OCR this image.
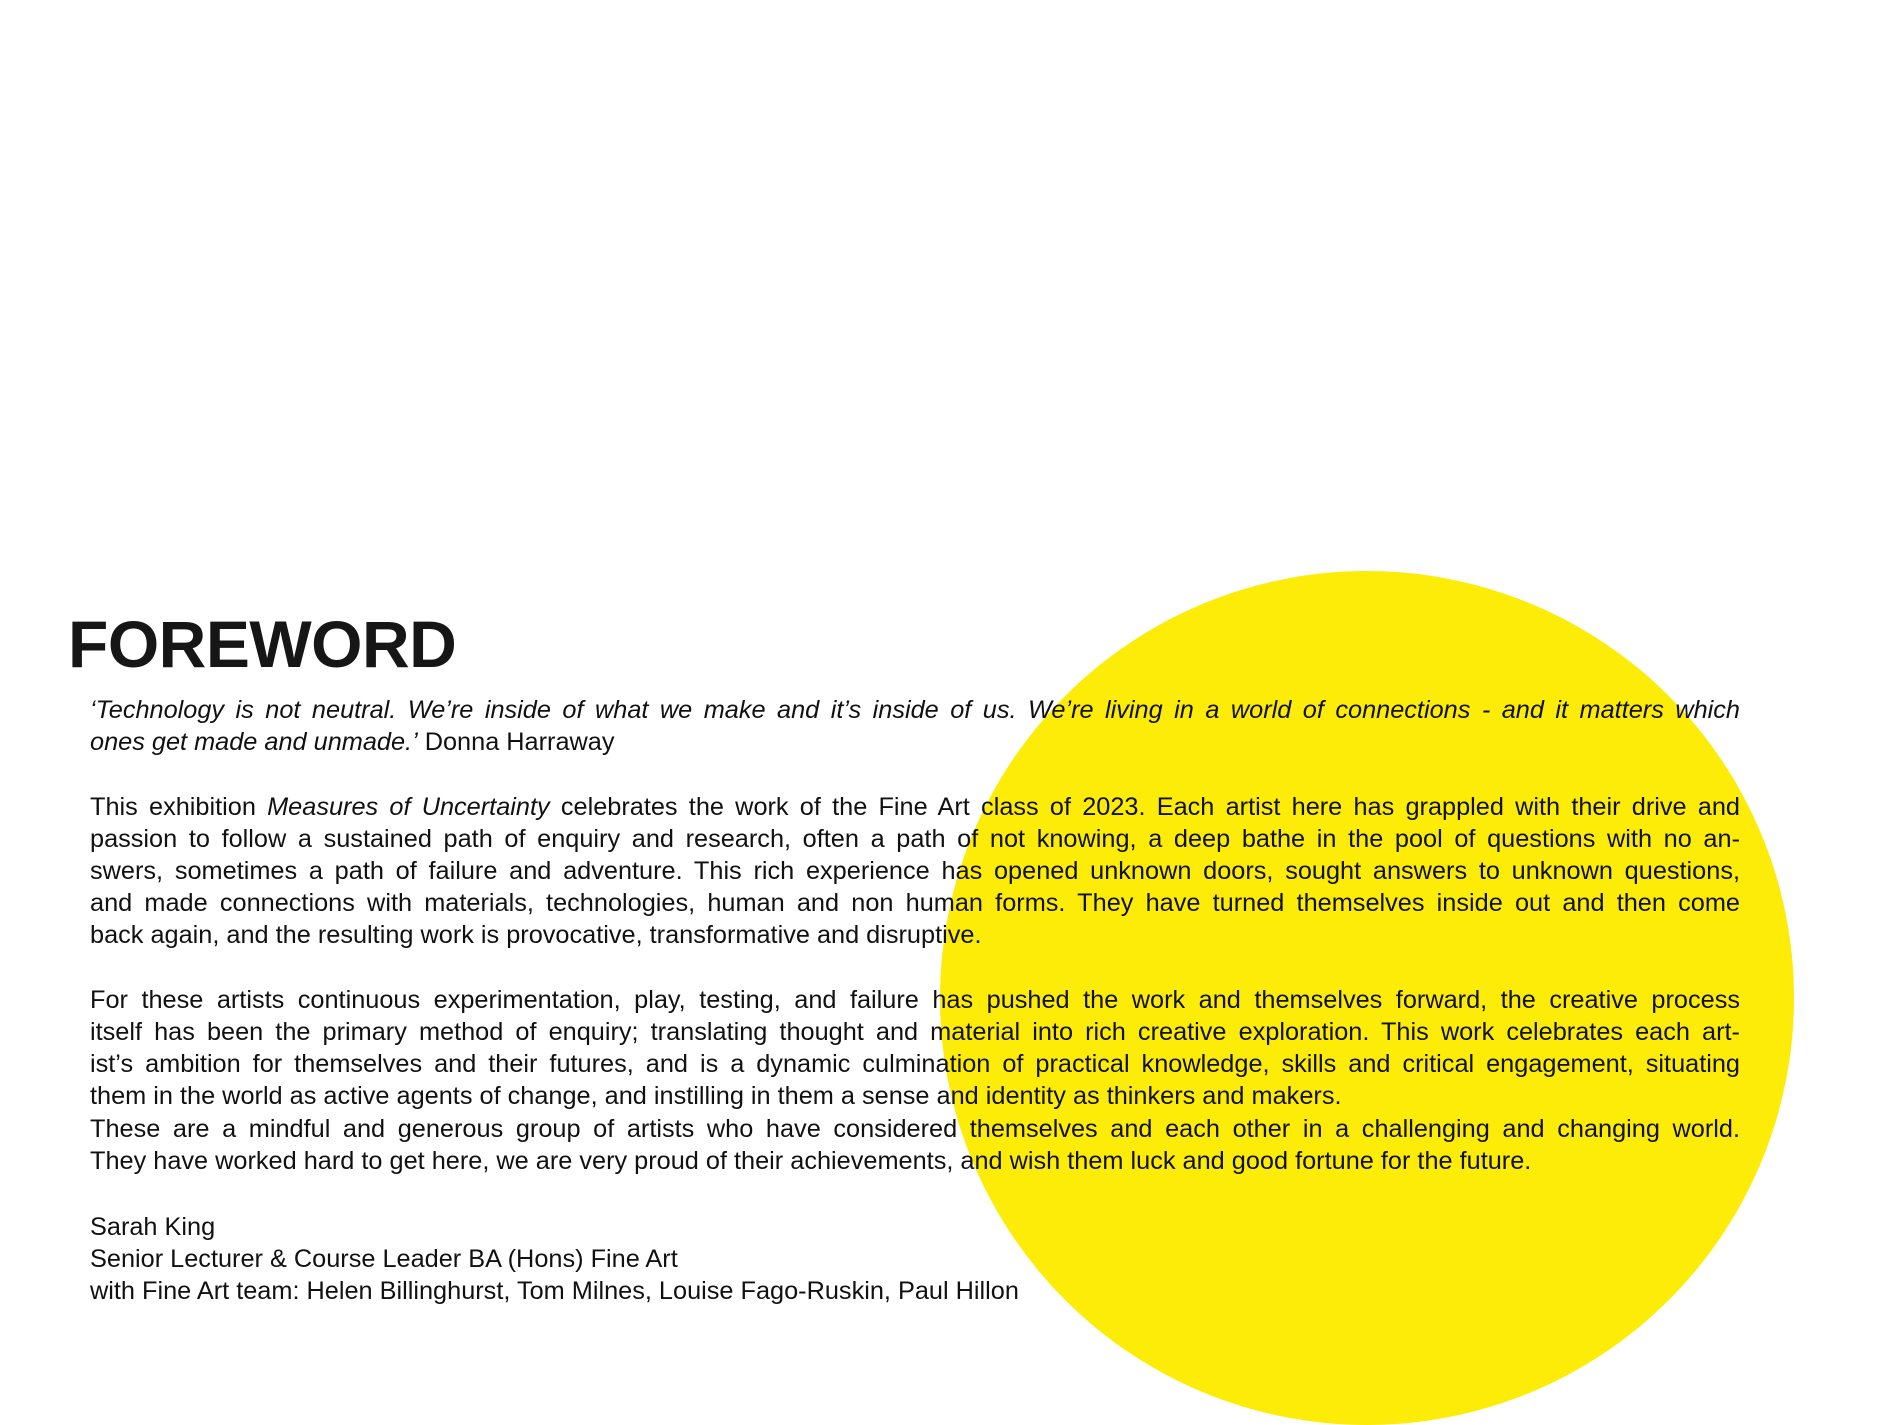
FOREWORD

‘Technology is not neutral. We’re inside of what we make and it’s inside of us. We’re living in a world of connections - and it matters which
ones get made and unmade.’ Donna Harraway

This exhibition Measures of Uncertainty celebrates the work of the Fine Art class of 2023. Each artist here has grappled with their drive and
passion to follow a sustained path of enquiry and research, often a path of not knowing, a deep bathe in the pool of questions with no an-
swers, sometimes a path of failure and adventure. This rich experience has opened unknown doors, sought answers to unknown questions,
and made connections with materials, technologies, human and non human forms. They have turned themselves inside out and then come
back again, and the resulting work is provocative, transformative and disruptive.

For these artists continuous experimentation, play, testing, and failure has pushed the work and themselves forward, the creative process
itself has been the primary method of enquiry; translating thought and material into rich creative exploration. This work celebrates each art-
ist’s ambition for themselves and their futures, and is a dynamic culmination of practical knowledge, skills and critical engagement, situating
them in the world as active agents of change, and instilling in them a sense and identity as thinkers and makers.
These are a mindful and generous group of artists who have considered themselves and each other in a challenging and changing world.
They have worked hard to get here, we are very proud of their achievements, and wish them luck and good fortune for the future.

Sarah King
Senior Lecturer & Course Leader BA (Hons) Fine Art
with Fine Art team: Helen Billinghurst, Tom Milnes, Louise Fago-Ruskin, Paul Hillon
